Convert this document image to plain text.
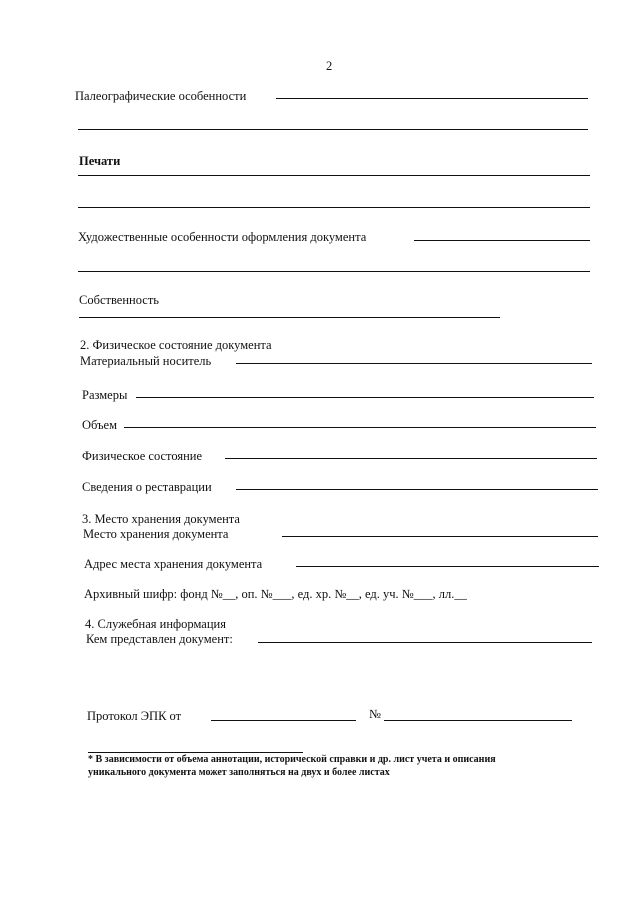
2
Палеографические особенности
Печати
Художественные особенности оформления документа
Собственность
2. Физическое состояние документа
Материальный носитель
Размеры
Объем
Физическое состояние
Сведения о реставрации
3. Место хранения документа
Место хранения документа
Адрес места хранения документа
Архивный шифр: фонд №__, оп. №___, ед. хр. №__, ед. уч. №___, лл.__
4. Служебная информация
Кем представлен документ:
Протокол ЭПК от	№
* В зависимости от объема аннотации, исторической справки и др. лист учета и описания
уникального документа может заполняться на двух и более листах
